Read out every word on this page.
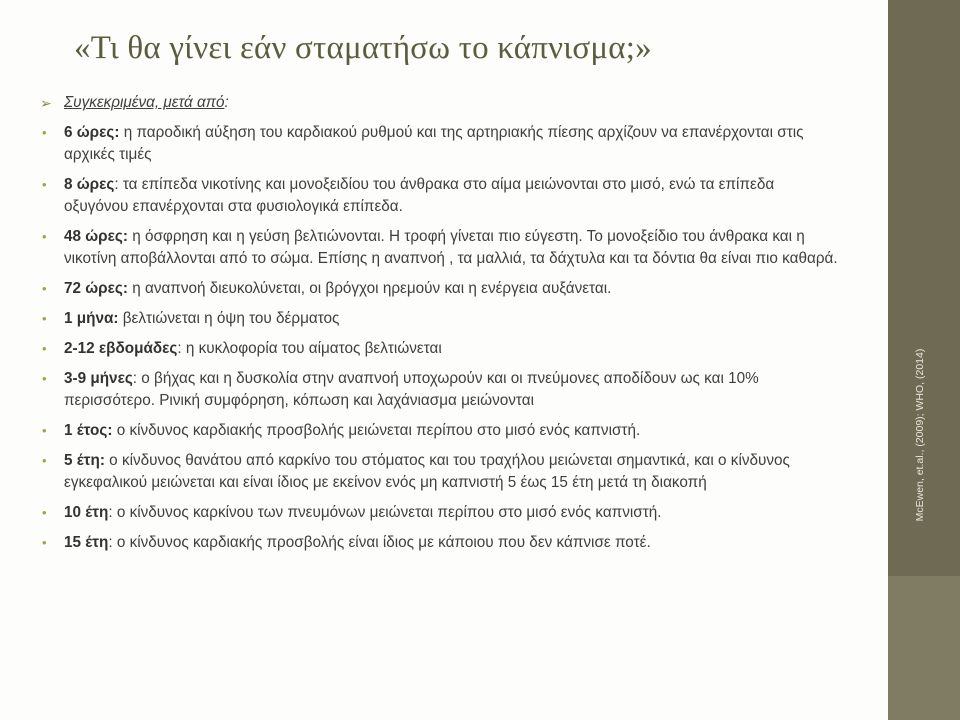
«Τι θα γίνει εάν σταματήσω το κάπνισμα;»
➢ Συγκεκριμένα, μετά από:
• 6 ώρες: η παροδική αύξηση του καρδιακού ρυθμού και της αρτηριακής πίεσης αρχίζουν να επανέρχονται στις αρχικές τιμές
• 8 ώρες: τα επίπεδα νικοτίνης και μονοξειδίου του άνθρακα στο αίμα μειώνονται στο μισό, ενώ τα επίπεδα οξυγόνου επανέρχονται στα φυσιολογικά επίπεδα.
• 48 ώρες: η όσφρηση και η γεύση βελτιώνονται. Η τροφή γίνεται πιο εύγεστη. Το μονοξείδιο του άνθρακα και η νικοτίνη αποβάλλονται από το σώμα. Επίσης η αναπνοή , τα μαλλιά, τα δάχτυλα και τα δόντια θα είναι πιο καθαρά.
• 72 ώρες: η αναπνοή διευκολύνεται, οι βρόγχοι ηρεμούν και η ενέργεια αυξάνεται.
• 1 μήνα: βελτιώνεται η όψη του δέρματος
• 2-12 εβδομάδες: η κυκλοφορία του αίματος βελτιώνεται
• 3-9 μήνες: ο βήχας και η δυσκολία στην αναπνοή υποχωρούν και οι πνεύμονες αποδίδουν ως και 10% περισσότερο. Ρινική συμφόρηση, κόπωση και λαχάνιασμα μειώνονται
• 1 έτος: ο κίνδυνος καρδιακής προσβολής μειώνεται περίπου στο μισό ενός καπνιστή.
• 5 έτη: ο κίνδυνος θανάτου από καρκίνο του στόματος και του τραχήλου μειώνεται σημαντικά, και ο κίνδυνος εγκεφαλικού μειώνεται και είναι ίδιος με εκείνον ενός μη καπνιστή 5 έως 15 έτη μετά τη διακοπή
• 10 έτη: ο κίνδυνος καρκίνου των πνευμόνων μειώνεται περίπου στο μισό ενός καπνιστή.
• 15 έτη: ο κίνδυνος καρδιακής προσβολής είναι ίδιος με κάποιου που δεν κάπνισε ποτέ.
McEwen, et.al., (2009); WHO, (2014)
